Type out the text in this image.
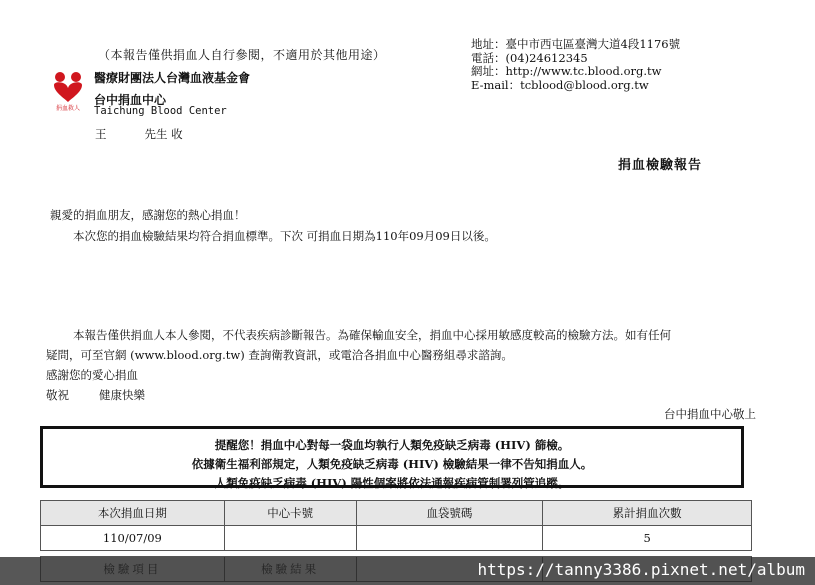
（本報告僅供捐血人自行參閱，不適用於其他用途）
捐血救人
醫療財團法人台灣血液基金會
台中捐血中心
Taichung Blood Center
王	先生 收
地址：臺中市西屯區臺灣大道4段1176號
電話：(04)24612345
網址：http://www.tc.blood.org.tw
E-mail：tcblood@blood.org.tw
捐血檢驗報告
親愛的捐血朋友，感謝您的熱心捐血！
本次您的捐血檢驗結果均符合捐血標準。下次 可捐血日期為110年09月09日以後。
本報告僅供捐血人本人參閱，不代表疾病診斷報告。為確保輸血安全，捐血中心採用敏感度較高的檢驗方法。如有任何
疑問，可至官網 (www.blood.org.tw) 查詢衛教資訊，或電洽各捐血中心醫務組尋求諮詢。
感謝您的愛心捐血
敬祝	健康快樂
台中捐血中心敬上
提醒您！捐血中心對每一袋血均執行人類免疫缺乏病毒 (HIV) 篩檢。
依據衛生福利部規定，人類免疫缺乏病毒 (HIV) 檢驗結果一律不告知捐血人。
人類免疫缺乏病毒 (HIV) 陽性個案將依法通報疾病管制署列管追蹤。
本次捐血日期	中心卡號	血袋號碼	累計捐血次數
110/07/09			5

https://tanny3386.pixnet.net/album
